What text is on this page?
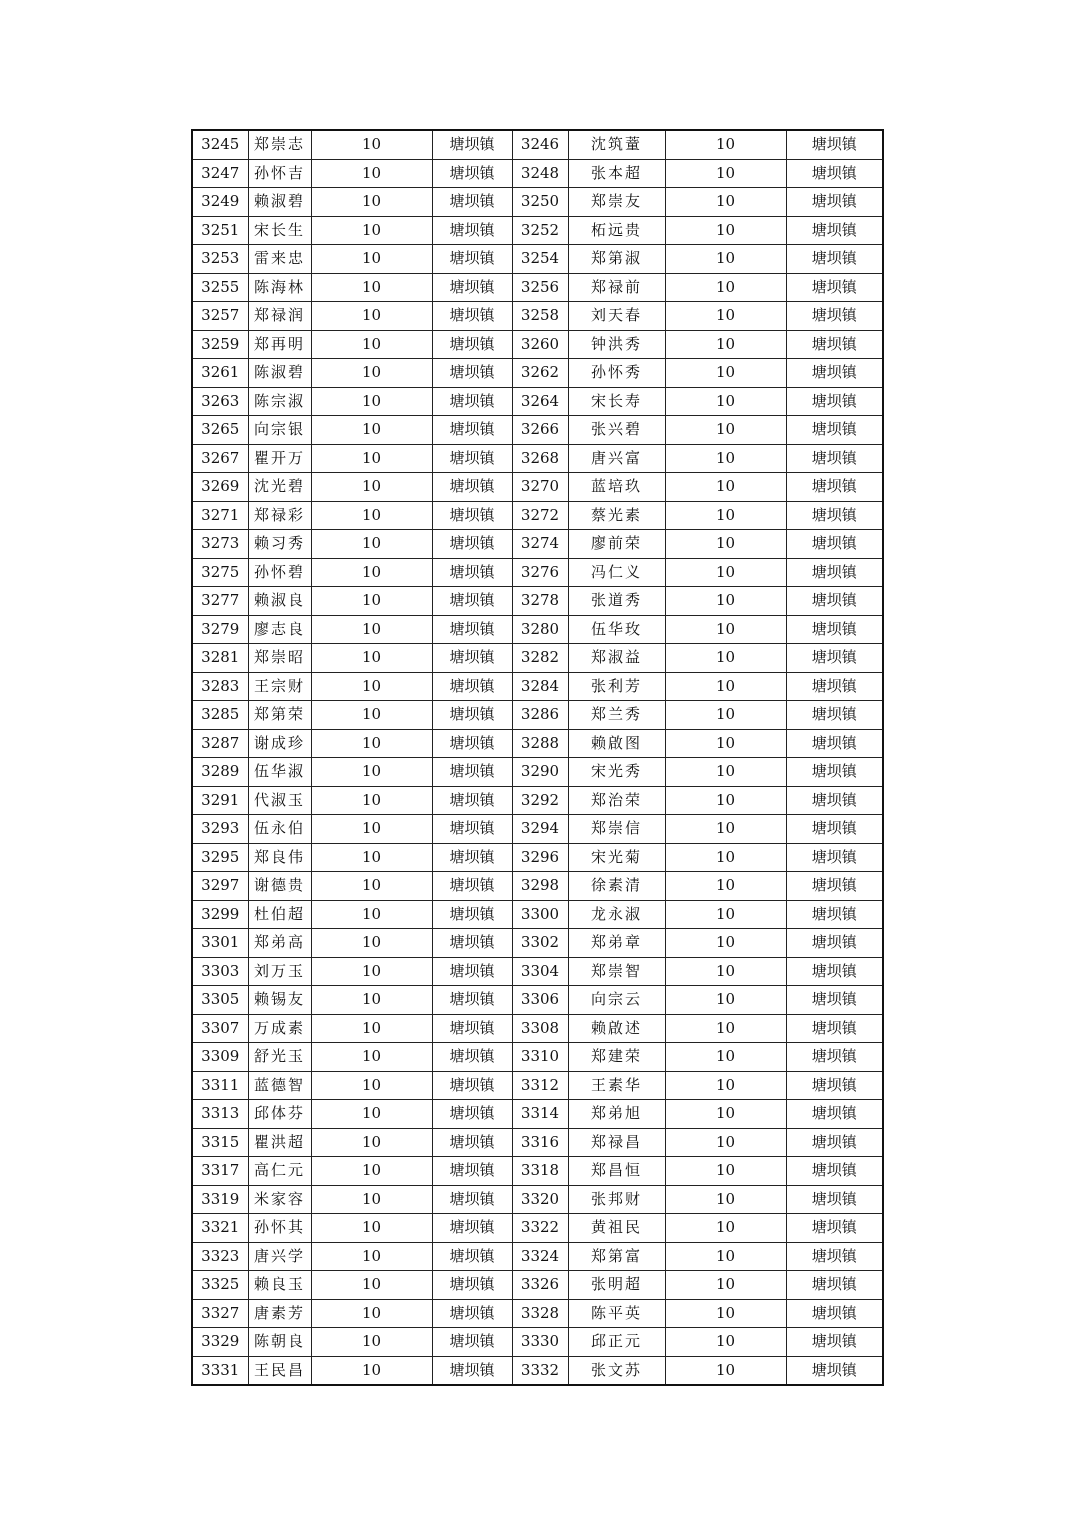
3245	郑崇志	10	塘坝镇	3246	沈筑蕫	10	塘坝镇
3247	孙怀吉	10	塘坝镇	3248	张本超	10	塘坝镇
3249	赖淑碧	10	塘坝镇	3250	郑崇友	10	塘坝镇
3251	宋长生	10	塘坝镇	3252	柘远贵	10	塘坝镇
3253	雷来忠	10	塘坝镇	3254	郑第淑	10	塘坝镇
3255	陈海林	10	塘坝镇	3256	郑禄前	10	塘坝镇
3257	郑禄润	10	塘坝镇	3258	刘天春	10	塘坝镇
3259	郑再明	10	塘坝镇	3260	钟洪秀	10	塘坝镇
3261	陈淑碧	10	塘坝镇	3262	孙怀秀	10	塘坝镇
3263	陈宗淑	10	塘坝镇	3264	宋长寿	10	塘坝镇
3265	向宗银	10	塘坝镇	3266	张兴碧	10	塘坝镇
3267	瞿开万	10	塘坝镇	3268	唐兴富	10	塘坝镇
3269	沈光碧	10	塘坝镇	3270	蓝培玖	10	塘坝镇
3271	郑禄彩	10	塘坝镇	3272	蔡光素	10	塘坝镇
3273	赖习秀	10	塘坝镇	3274	廖前荣	10	塘坝镇
3275	孙怀碧	10	塘坝镇	3276	冯仁义	10	塘坝镇
3277	赖淑良	10	塘坝镇	3278	张道秀	10	塘坝镇
3279	廖志良	10	塘坝镇	3280	伍华玫	10	塘坝镇
3281	郑崇昭	10	塘坝镇	3282	郑淑益	10	塘坝镇
3283	王宗财	10	塘坝镇	3284	张利芳	10	塘坝镇
3285	郑第荣	10	塘坝镇	3286	郑兰秀	10	塘坝镇
3287	谢成珍	10	塘坝镇	3288	赖啟图	10	塘坝镇
3289	伍华淑	10	塘坝镇	3290	宋光秀	10	塘坝镇
3291	代淑玉	10	塘坝镇	3292	郑治荣	10	塘坝镇
3293	伍永伯	10	塘坝镇	3294	郑崇信	10	塘坝镇
3295	郑良伟	10	塘坝镇	3296	宋光菊	10	塘坝镇
3297	谢德贵	10	塘坝镇	3298	徐素清	10	塘坝镇
3299	杜伯超	10	塘坝镇	3300	龙永淑	10	塘坝镇
3301	郑弟高	10	塘坝镇	3302	郑弟章	10	塘坝镇
3303	刘万玉	10	塘坝镇	3304	郑崇智	10	塘坝镇
3305	赖锡友	10	塘坝镇	3306	向宗云	10	塘坝镇
3307	万成素	10	塘坝镇	3308	赖啟述	10	塘坝镇
3309	舒光玉	10	塘坝镇	3310	郑建荣	10	塘坝镇
3311	蓝德智	10	塘坝镇	3312	王素华	10	塘坝镇
3313	邱体芬	10	塘坝镇	3314	郑弟旭	10	塘坝镇
3315	瞿洪超	10	塘坝镇	3316	郑禄昌	10	塘坝镇
3317	高仁元	10	塘坝镇	3318	郑昌恒	10	塘坝镇
3319	米家容	10	塘坝镇	3320	张邦财	10	塘坝镇
3321	孙怀其	10	塘坝镇	3322	黄祖民	10	塘坝镇
3323	唐兴学	10	塘坝镇	3324	郑第富	10	塘坝镇
3325	赖良玉	10	塘坝镇	3326	张明超	10	塘坝镇
3327	唐素芳	10	塘坝镇	3328	陈平英	10	塘坝镇
3329	陈朝良	10	塘坝镇	3330	邱正元	10	塘坝镇
3331	王民昌	10	塘坝镇	3332	张文苏	10	塘坝镇
